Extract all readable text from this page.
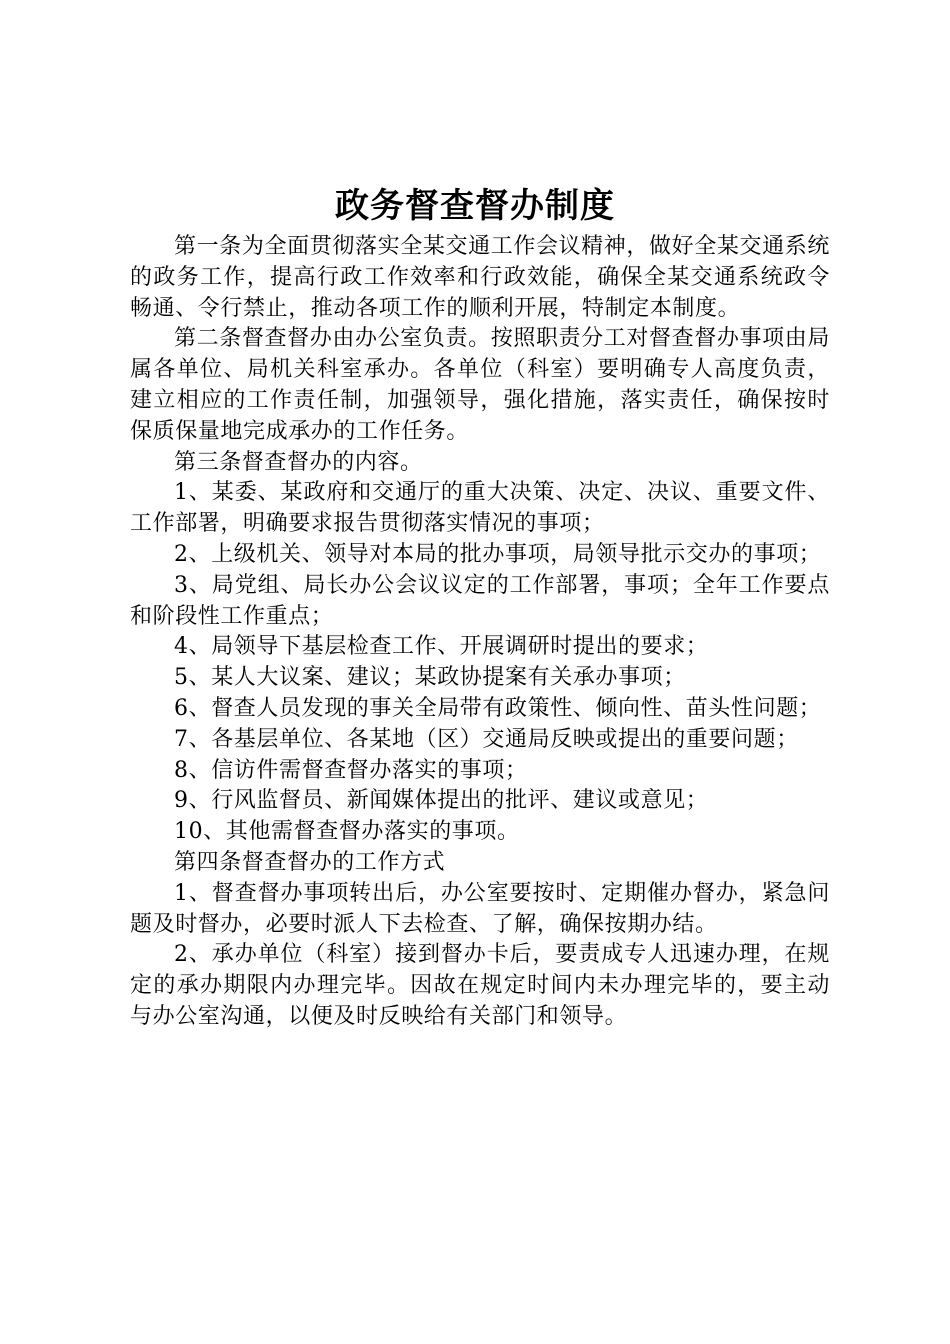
政务督查督办制度

第一条为全面贯彻落实全某交通工作会议精神，做好全某交通系统的政务工作，提高行政工作效率和行政效能，确保全某交通系统政令畅通、令行禁止，推动各项工作的顺利开展，特制定本制度。

第二条督查督办由办公室负责。按照职责分工对督查督办事项由局属各单位、局机关科室承办。各单位（科室）要明确专人高度负责，建立相应的工作责任制，加强领导，强化措施，落实责任，确保按时保质保量地完成承办的工作任务。

第三条督查督办的内容。

1、某委、某政府和交通厅的重大决策、决定、决议、重要文件、工作部署，明确要求报告贯彻落实情况的事项；

2、上级机关、领导对本局的批办事项，局领导批示交办的事项；

3、局党组、局长办公会议议定的工作部署，事项；全年工作要点和阶段性工作重点；

4、局领导下基层检查工作、开展调研时提出的要求；

5、某人大议案、建议；某政协提案有关承办事项；

6、督查人员发现的事关全局带有政策性、倾向性、苗头性问题；

7、各基层单位、各某地（区）交通局反映或提出的重要问题；

8、信访件需督查督办落实的事项；

9、行风监督员、新闻媒体提出的批评、建议或意见；

10、其他需督查督办落实的事项。

第四条督查督办的工作方式

1、督查督办事项转出后，办公室要按时、定期催办督办，紧急问题及时督办，必要时派人下去检查、了解，确保按期办结。

2、承办单位（科室）接到督办卡后，要责成专人迅速办理，在规定的承办期限内办理完毕。因故在规定时间内未办理完毕的，要主动与办公室沟通，以便及时反映给有关部门和领导。
